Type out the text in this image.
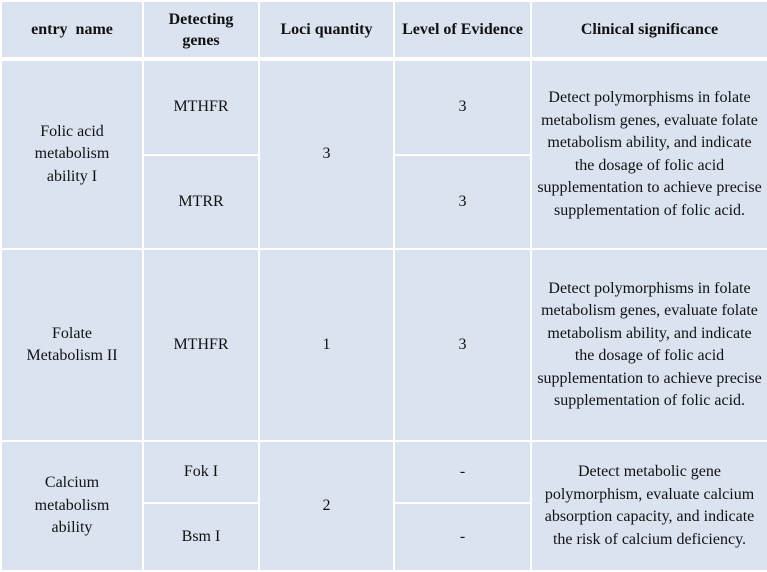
entry  name	Detecting genes	Loci quantity	Level of Evidence	Clinical significance
Folic acid metabolism ability I	MTHFR	3	3	Detect polymorphisms in folate metabolism genes, evaluate folate metabolism ability, and indicate the dosage of folic acid supplementation to achieve precise supplementation of folic acid.
	MTRR		3	
Folate Metabolism II	MTHFR	1	3	Detect polymorphisms in folate metabolism genes, evaluate folate metabolism ability, and indicate the dosage of folic acid supplementation to achieve precise supplementation of folic acid.
Calcium metabolism ability	Fok I	2	-	Detect metabolic gene polymorphism, evaluate calcium absorption capacity, and indicate the risk of calcium deficiency.
	Bsm I		-	
